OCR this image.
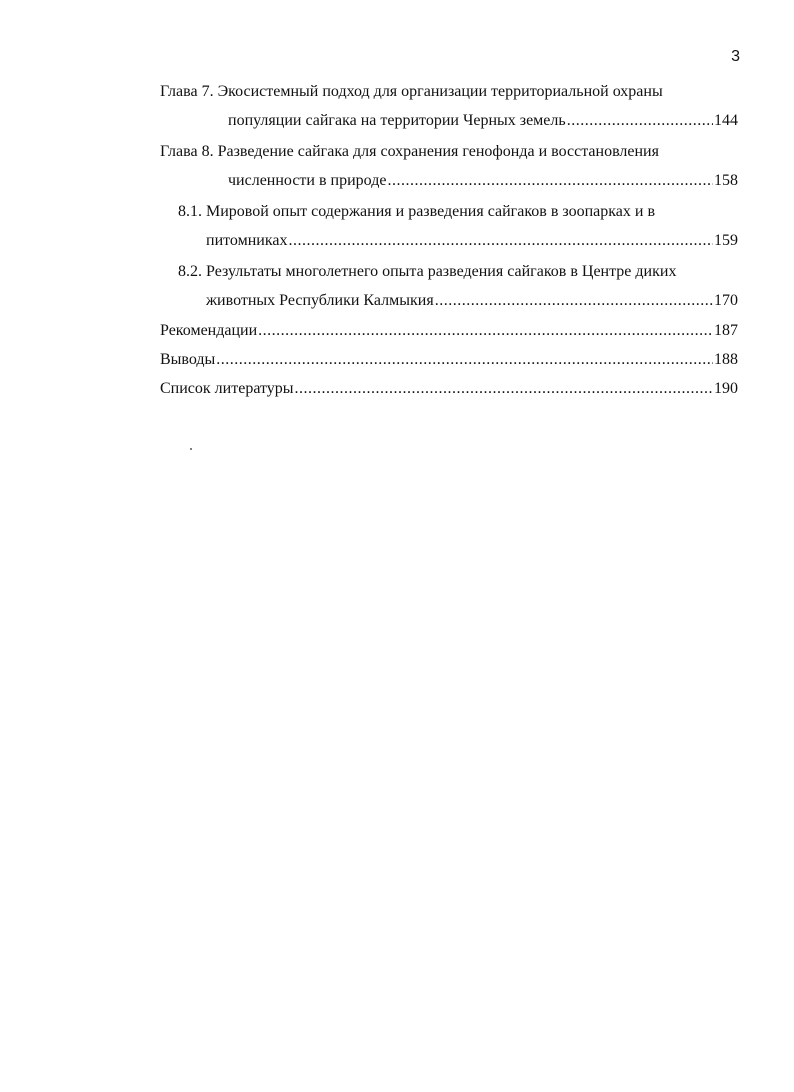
3
Глава 7. Экосистемный подход для организации территориальной охраны
популяции сайгака на территории Черных земель .....	144
Глава 8. Разведение сайгака для сохранения генофонда и восстановления
численности в природе .....	158
8.1. Мировой опыт содержания и разведения сайгаков в зоопарках и в
питомниках .....	159
8.2. Результаты многолетнего опыта разведения сайгаков в Центре диких
животных Республики Калмыкия .....	170
Рекомендации .....	187
Выводы .....	188
Список литературы .....	190
